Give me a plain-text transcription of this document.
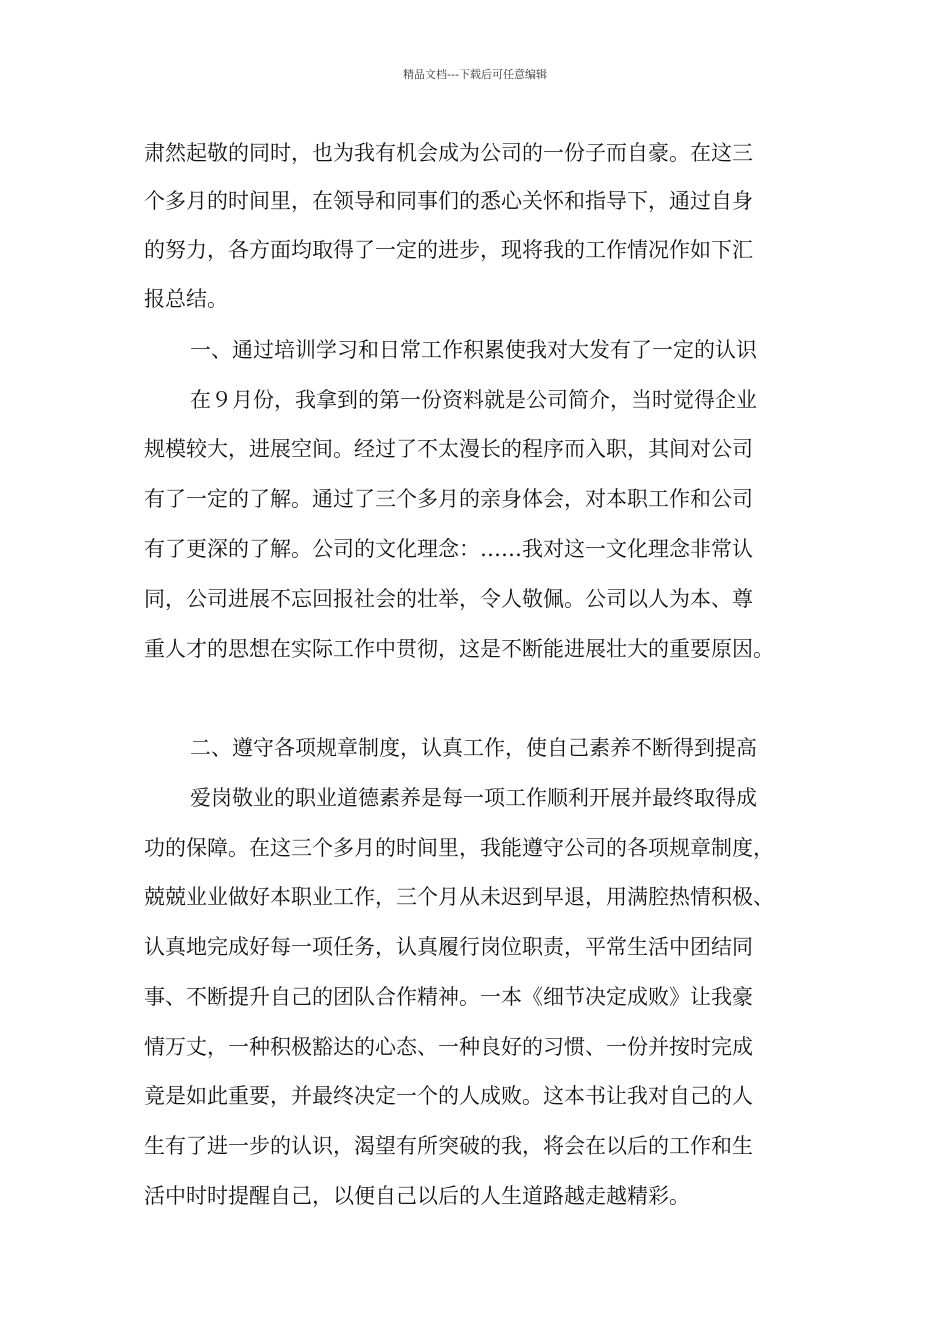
精品文档---下载后可任意编辑
肃然起敬的同时，也为我有机会成为公司的一份子而自豪。在这三
个多月的时间里，在领导和同事们的悉心关怀和指导下，通过自身
的努力，各方面均取得了一定的进步，现将我的工作情况作如下汇
报总结。
一、通过培训学习和日常工作积累使我对大发有了一定的认识
在９月份，我拿到的第一份资料就是公司简介，当时觉得企业
规模较大，进展空间。经过了不太漫长的程序而入职，其间对公司
有了一定的了解。通过了三个多月的亲身体会，对本职工作和公司
有了更深的了解。公司的文化理念：……我对这一文化理念非常认
同，公司进展不忘回报社会的壮举，令人敬佩。公司以人为本、尊
重人才的思想在实际工作中贯彻，这是不断能进展壮大的重要原因。
二、遵守各项规章制度，认真工作，使自己素养不断得到提高
爱岗敬业的职业道德素养是每一项工作顺利开展并最终取得成
功的保障。在这三个多月的时间里，我能遵守公司的各项规章制度，
兢兢业业做好本职业工作，三个月从未迟到早退，用满腔热情积极、
认真地完成好每一项任务，认真履行岗位职责，平常生活中团结同
事、不断提升自己的团队合作精神。一本《细节决定成败》让我豪
情万丈，一种积极豁达的心态、一种良好的习惯、一份并按时完成
竟是如此重要，并最终决定一个的人成败。这本书让我对自己的人
生有了进一步的认识，渴望有所突破的我，将会在以后的工作和生
活中时时提醒自己，以便自己以后的人生道路越走越精彩。
